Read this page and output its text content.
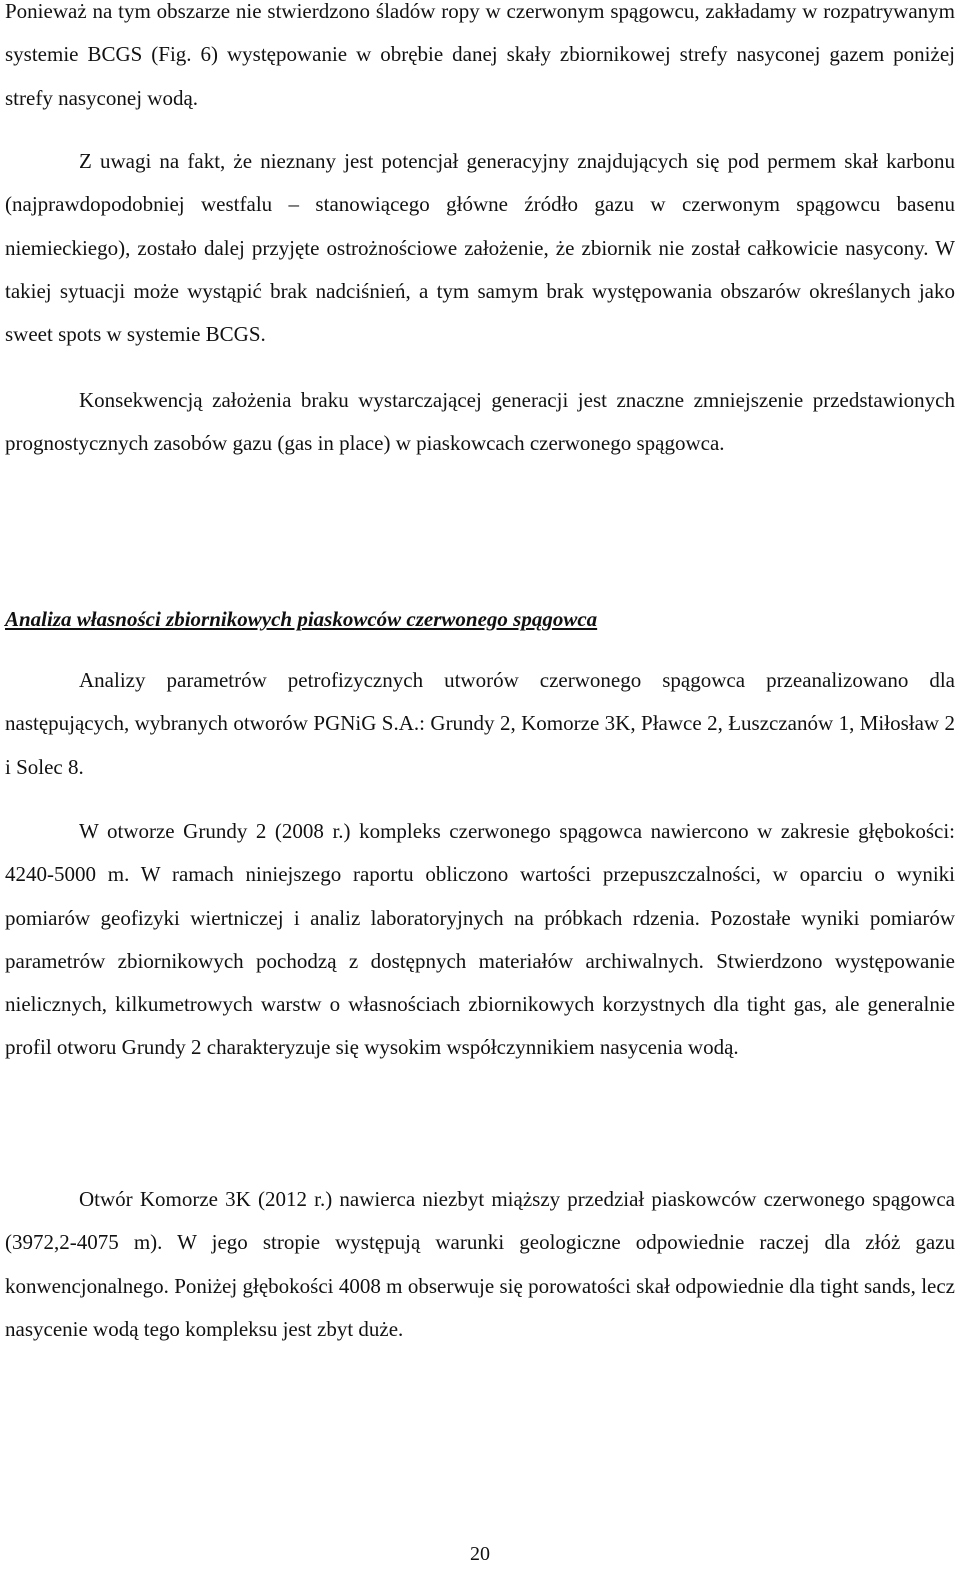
Ponieważ na tym obszarze nie stwierdzono śladów ropy w czerwonym spągowcu, zakładamy w rozpatrywanym systemie BCGS (Fig. 6) występowanie w obrębie danej skały zbiornikowej strefy nasyconej gazem poniżej strefy nasyconej wodą.

Z uwagi na fakt, że nieznany jest potencjał generacyjny znajdujących się pod permem skał karbonu (najprawdopodobniej westfalu – stanowiącego główne źródło gazu w czerwonym spągowcu basenu niemieckiego), zostało dalej przyjęte ostrożnościowe założenie, że zbiornik nie został całkowicie nasycony. W takiej sytuacji może wystąpić brak nadciśnień, a tym samym brak występowania obszarów określanych jako sweet spots w systemie BCGS.

Konsekwencją założenia braku wystarczającej generacji jest znaczne zmniejszenie przedstawionych prognostycznych zasobów gazu (gas in place) w piaskowcach czerwonego spągowca.

Analiza własności zbiornikowych piaskowców czerwonego spągowca

Analizy parametrów petrofizycznych utworów czerwonego spągowca przeanalizowano dla następujących, wybranych otworów PGNiG S.A.: Grundy 2, Komorze 3K, Pławce 2, Łuszczanów 1, Miłosław 2 i Solec 8.

W otworze Grundy 2 (2008 r.) kompleks czerwonego spągowca nawiercono w zakresie głębokości: 4240-5000 m. W ramach niniejszego raportu obliczono wartości przepuszczalności, w oparciu o wyniki pomiarów geofizyki wiertniczej i analiz laboratoryjnych na próbkach rdzenia. Pozostałe wyniki pomiarów parametrów zbiornikowych pochodzą z dostępnych materiałów archiwalnych. Stwierdzono występowanie nielicznych, kilkumetrowych warstw o własnościach zbiornikowych korzystnych dla tight gas, ale generalnie profil otworu Grundy 2 charakteryzuje się wysokim współczynnikiem nasycenia wodą.

Otwór Komorze 3K (2012 r.) nawierca niezbyt miąższy przedział piaskowców czerwonego spągowca (3972,2-4075 m). W jego stropie występują warunki geologiczne odpowiednie raczej dla złóż gazu konwencjonalnego. Poniżej głębokości 4008 m obserwuje się porowatości skał odpowiednie dla tight sands, lecz nasycenie wodą tego kompleksu jest zbyt duże.

20
